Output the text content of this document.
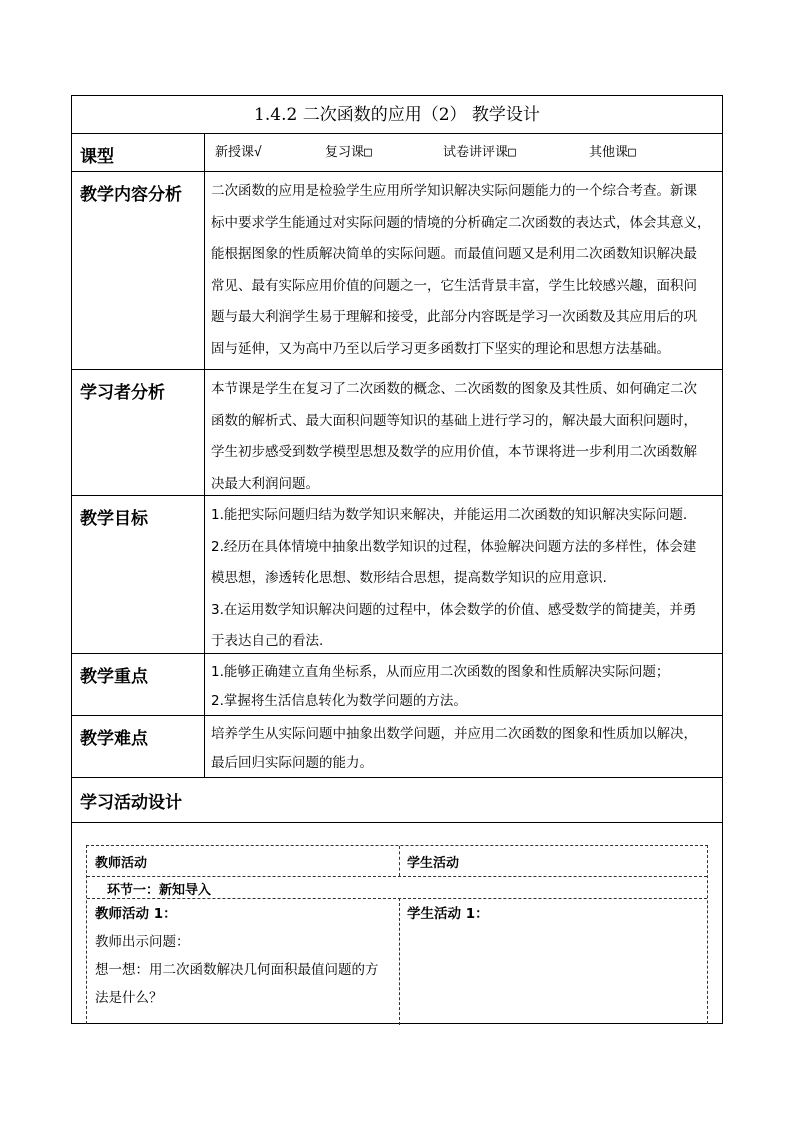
1.4.2 二次函数的应用（2） 教学设计
课型	新授课√	复习课□	试卷讲评课□	其他课□
教学内容分析	二次函数的应用是检验学生应用所学知识解决实际问题能力的一个综合考查。新课
标中要求学生能通过对实际问题的情境的分析确定二次函数的表达式，体会其意义，
能根据图象的性质解决简单的实际问题。而最值问题又是利用二次函数知识解决最
常见、最有实际应用价值的问题之一，它生活背景丰富，学生比较感兴趣，面积问
题与最大利润学生易于理解和接受，此部分内容既是学习一次函数及其应用后的巩
固与延伸，又为高中乃至以后学习更多函数打下坚实的理论和思想方法基础。
学习者分析	本节课是学生在复习了二次函数的概念、二次函数的图象及其性质、如何确定二次
函数的解析式、最大面积问题等知识的基础上进行学习的，解决最大面积问题时，
学生初步感受到数学模型思想及数学的应用价值，本节课将进一步利用二次函数解
决最大利润问题。
教学目标	1.能把实际问题归结为数学知识来解决，并能运用二次函数的知识解决实际问题.
2.经历在具体情境中抽象出数学知识的过程，体验解决问题方法的多样性，体会建
模思想，渗透转化思想、数形结合思想，提高数学知识的应用意识.
3.在运用数学知识解决问题的过程中，体会数学的价值、感受数学的简捷美，并勇
于表达自己的看法.
教学重点	1.能够正确建立直角坐标系，从而应用二次函数的图象和性质解决实际问题；
2.掌握将生活信息转化为数学问题的方法。
教学难点	培养学生从实际问题中抽象出数学问题，并应用二次函数的图象和性质加以解决，
最后回归实际问题的能力。
学习活动设计
教师活动	学生活动
环节一：新知导入
教师活动 1：
教师出示问题：
想一想：用二次函数解决几何面积最值问题的方
法是什么？
学生活动 1：
